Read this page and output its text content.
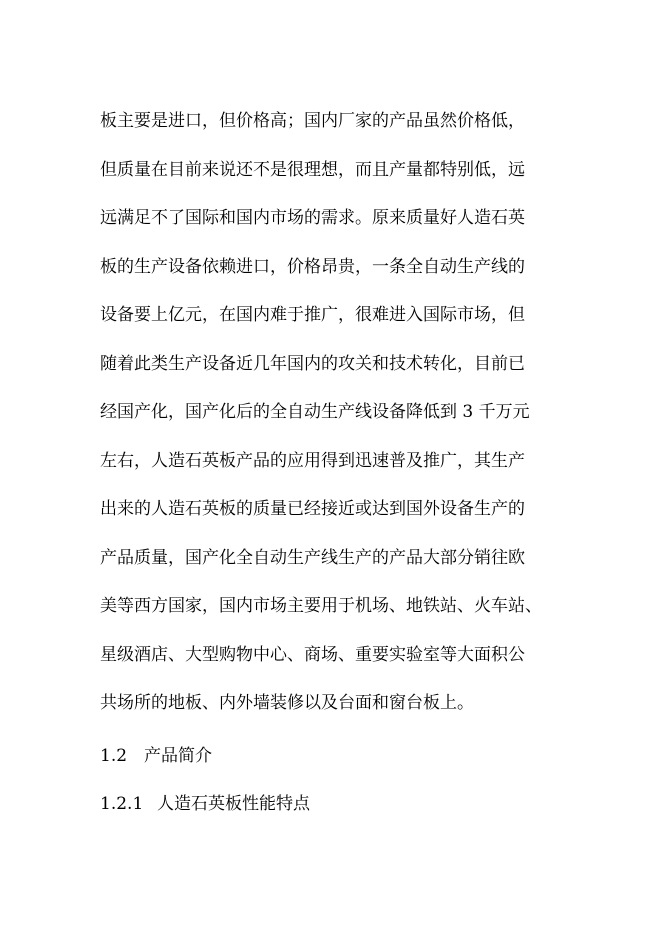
板主要是进口，但价格高；国内厂家的产品虽然价格低，
但质量在目前来说还不是很理想，而且产量都特别低，远
远满足不了国际和国内市场的需求。原来质量好人造石英
板的生产设备依赖进口，价格昂贵，一条全自动生产线的
设备要上亿元，在国内难于推广，很难进入国际市场，但
随着此类生产设备近几年国内的攻关和技术转化，目前已
经国产化，国产化后的全自动生产线设备降低到 3 千万元
左右，人造石英板产品的应用得到迅速普及推广，其生产
出来的人造石英板的质量已经接近或达到国外设备生产的
产品质量，国产化全自动生产线生产的产品大部分销往欧
美等西方国家，国内市场主要用于机场、地铁站、火车站、
星级酒店、大型购物中心、商场、重要实验室等大面积公
共场所的地板、内外墙装修以及台面和窗台板上。
1.2 产品简介
1.2.1 人造石英板性能特点
